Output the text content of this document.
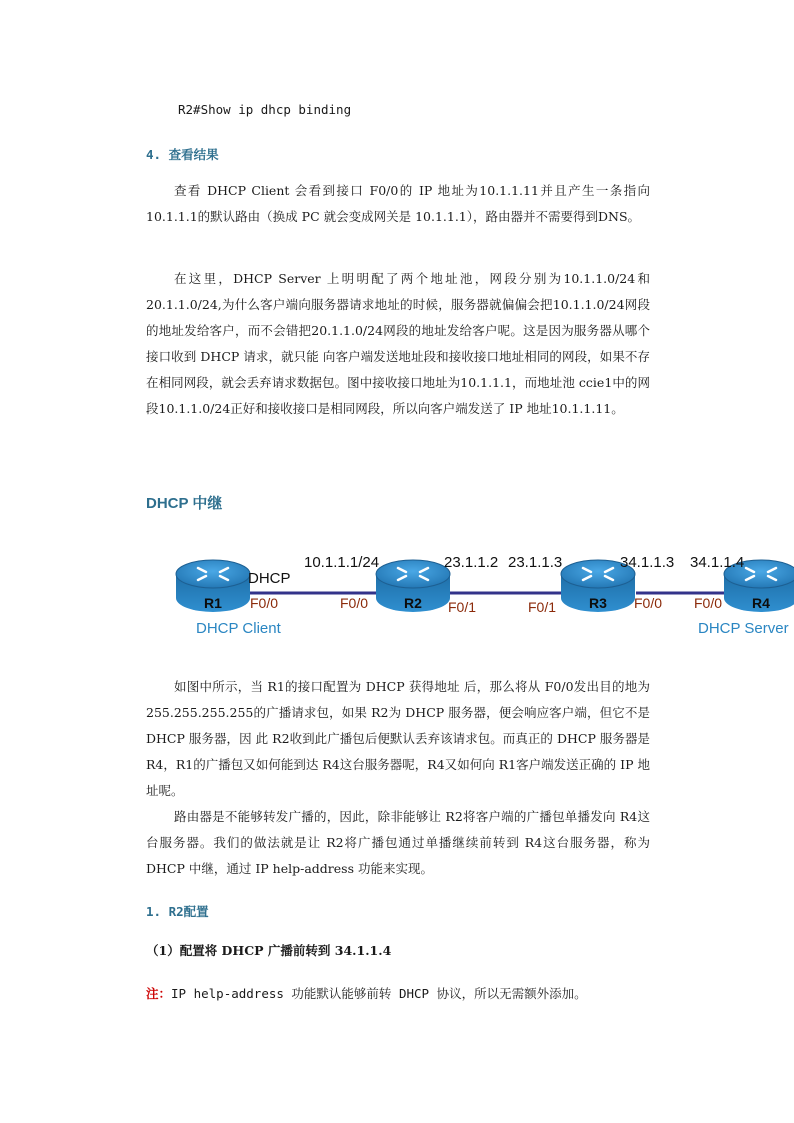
R2#Show ip dhcp binding
4. 查看结果
查看 DHCP Client 会看到接口 F0/0的 IP 地址为10.1.1.11并且产生一条指向10.1.1.1的默认路由（换成 PC 就会变成网关是 10.1.1.1），路由器并不需要得到DNS。
在这里，DHCP Server 上明明配了两个地址池，网段分别为10.1.1.0/24和20.1.1.0/24,为什么客户端向服务器请求地址的时候，服务器就偏偏会把10.1.1.0/24网段的地址发给客户，而不会错把20.1.1.0/24网段的地址发给客户呢。这是因为服务器从哪个接口收到 DHCP 请求，就只能 向客户端发送地址段和接收接口地址相同的网段，如果不存在相同网段，就会丢弃请求数据包。图中接收接口地址为10.1.1.1，而地址池 ccie1中的网 段10.1.1.0/24正好和接收接口是相同网段，所以向客户端发送了 IP 地址10.1.1.11。
DHCP 中继
R1	R2	R3	R4
10.1.1.1/24	23.1.1.2 23.1.1.3	34.1.1.3 34.1.1.4
DHCP
F0/0	F0/0	F0/1	F0/1	F0/0 F0/0
DHCP Client	DHCP Server
如图中所示，当 R1的接口配置为 DHCP 获得地址 后，那么将从 F0/0发出目的地为255.255.255.255的广播请求包，如果 R2为 DHCP 服务器，便会响应客户端，但它不是 DHCP 服务器，因 此 R2收到此广播包后便默认丢弃该请求包。而真正的 DHCP 服务器是 R4，R1的广播包又如何能到达 R4这台服务器呢，R4又如何向 R1客户端发送正确的 IP 地址呢。
路由器是不能够转发广播的，因此，除非能够让 R2将客户端的广播包单播发向 R4这台服务器。我们的做法就是让 R2将广播包通过单播继续前转到 R4这台服务器，称为 DHCP 中继，通过 IP help-address 功能来实现。
1. R2配置
（1）配置将 DHCP 广播前转到 34.1.1.4
注：IP help-address 功能默认能够前转 DHCP 协议，所以无需额外添加。
